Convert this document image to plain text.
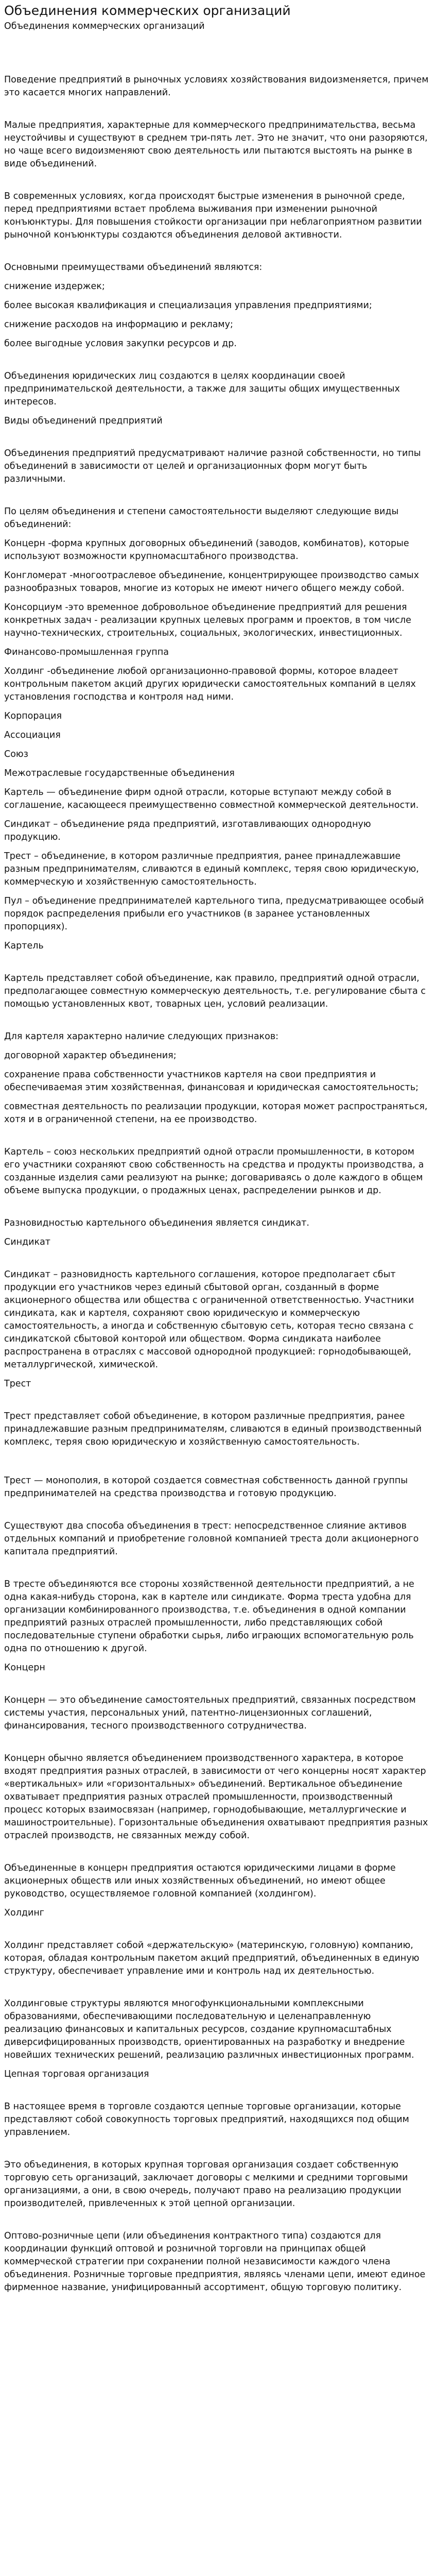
Объединения коммерческих организаций
Объединения коммерческих организаций

Поведение предприятий в рыночных условиях хозяйствования видоизменяется, причем это касается многих направлений.

Малые предприятия, характерные для коммерческого предпринимательства, весьма неустойчивы и существуют в среднем три-пять лет. Это не значит, что они разоряются, но чаще всего видоизменяют свою деятельность или пытаются выстоять на рынке в виде объединений.

В современных условиях, когда происходят быстрые изменения в рыночной среде, перед предприятиями встает проблема выживания при изменении рыночной конъюнктуры. Для повышения стойкости организации при неблагоприятном развитии рыночной конъюнктуры создаются объединения деловой активности.

Основными преимуществами объединений являются:

снижение издержек;

более высокая квалификация и специализация управления предприятиями;

снижение расходов на информацию и рекламу;

более выгодные условия закупки ресурсов и др.

Объединения юридических лиц создаются в целях координации своей предпринимательской деятельности, а также для защиты общих имущественных интересов.

Виды объединений предприятий

Объединения предприятий предусматривают наличие разной собственности, но типы объединений в зависимости от целей и организационных форм могут быть различными.

По целям объединения и степени самостоятельности выделяют следующие виды объединений:

Концерн -форма крупных договорных объединений (заводов, комбинатов), которые используют возможности крупномасштабного производства.

Конгломерат -многоотраслевое объединение, концентрирующее производство самых разнообразных товаров, многие из которых не имеют ничего общего между собой.

Консорциум -это временное добровольное объединение предприятий для решения конкретных задач - реализации крупных целевых программ и проектов, в том числе научно-технических, строительных, социальных, экологических, инвестиционных.

Финансово-промышленная группа

Холдинг -объединение любой организационно-правовой формы, которое владеет контрольным пакетом акций других юридически самостоятельных компаний в целях установления господства и контроля над ними.

Корпорация

Ассоциация

Союз

Межотраслевые государственные объединения

Картель — объединение фирм одной отрасли, которые вступают между собой в соглашение, касающееся преимущественно совместной коммерческой деятельности.

Синдикат – объединение ряда предприятий, изготавливающих однородную продукцию.

Трест – объединение, в котором различные предприятия, ранее принадлежавшие разным предпринимателям, сливаются в единый комплекс, теряя свою юридическую, коммерческую и хозяйственную самостоятельность.

Пул – объединение предпринимателей картельного типа, предусматривающее особый порядок распределения прибыли его участников (в заранее установленных пропорциях).

Картель

Картель представляет собой объединение, как правило, предприятий одной отрасли, предполагающее совместную коммерческую деятельность, т.е. регулирование сбыта с помощью установленных квот, товарных цен, условий реализации.

Для картеля характерно наличие следующих признаков:

договорной характер объединения;

сохранение права собственности участников картеля на свои предприятия и обеспечиваемая этим хозяйственная, финансовая и юридическая самостоятельность;

совместная деятельность по реализации продукции, которая может распространяться, хотя и в ограниченной степени, на ее производство.

Картель – союз нескольких предприятий одной отрасли промышленности, в котором его участники сохраняют свою собственность на средства и продукты производства, а созданные изделия сами реализуют на рынке; договариваясь о доле каждого в общем объеме выпуска продукции, о продажных ценах, распределении рынков и др.

Разновидностью картельного объединения является синдикат.

Синдикат

Синдикат – разновидность картельного соглашения, которое предполагает сбыт продукции его участников через единый сбытовой орган, созданный в форме акционерного общества или общества с ограниченной ответственностью. Участники синдиката, как и картеля, сохраняют свою юридическую и коммерческую самостоятельность, а иногда и собственную сбытовую сеть, которая тесно связана с синдикатской сбытовой конторой или обществом. Форма синдиката наиболее распространена в отраслях с массовой однородной продукцией: горнодобывающей, металлургической, химической.

Трест

Трест представляет собой объединение, в котором различные предприятия, ранее принадлежавшие разным предпринимателям, сливаются в единый производственный комплекс, теряя свою юридическую и хозяйственную самостоятельность.

Трест — монополия, в которой создается совместная собственность данной группы предпринимателей на средства производства и готовую продукцию.

Существуют два способа объединения в трест: непосредственное слияние активов отдельных компаний и приобретение головной компанией треста доли акционерного капитала предприятий.

В тресте объединяются все стороны хозяйственной деятельности предприятий, а не одна какая-нибудь сторона, как в картеле или синдикате. Форма треста удобна для организации комбинированного производства, т.е. объединения в одной компании предприятий разных отраслей промышленности, либо представляющих собой последовательные ступени обработки сырья, либо играющих вспомогательную роль одна по отношению к другой.

Концерн

Концерн — это объединение самостоятельных предприятий, связанных посредством системы участия, персональных уний, патентно-лицензионных соглашений, финансирования, тесного производственного сотрудничества.

Концерн обычно является объединением производственного характера, в которое входят предприятия разных отраслей, в зависимости от чего концерны носят характер «вертикальных» или «горизонтальных» объединений. Вертикальное объединение охватывает предприятия разных отраслей промышленности, производственный процесс которых взаимосвязан (например, горнодобывающие, металлургические и машиностроительные). Горизонтальные объединения охватывают предприятия разных отраслей производств, не связанных между собой.

Объединенные в концерн предприятия остаются юридическими лицами в форме акционерных обществ или иных хозяйственных объединений, но имеют общее руководство, осуществляемое головной компанией (холдингом).

Холдинг

Холдинг представляет собой «держательскую» (материнскую, головную) компанию, которая, обладая контрольным пакетом акций предприятий, объединенных в единую структуру, обеспечивает управление ими и контроль над их деятельностью.

Холдинговые структуры являются многофункциональными комплексными образованиями, обеспечивающими последовательную и целенаправленную реализацию финансовых и капитальных ресурсов, создание крупномасштабных диверсифицированных производств, ориентированных на разработку и внедрение новейших технических решений, реализацию различных инвестиционных программ.

Цепная торговая организация

В настоящее время в торговле создаются цепные торговые организации, которые представляют собой совокупность торговых предприятий, находящихся под общим управлением.

Это объединения, в которых крупная торговая организация создает собственную торговую сеть организаций, заключает договоры с мелкими и средними торговыми организациями, а они, в свою очередь, получают право на реализацию продукции производителей, привлеченных к этой цепной организации.

Оптово-розничные цепи (или объединения контрактного типа) создаются для координации функций оптовой и розничной торговли на принципах общей коммерческой стратегии при сохранении полной независимости каждого члена объединения. Розничные торговые предприятия, являясь членами цепи, имеют единое фирменное название, унифицированный ассортимент, общую торговую политику.
